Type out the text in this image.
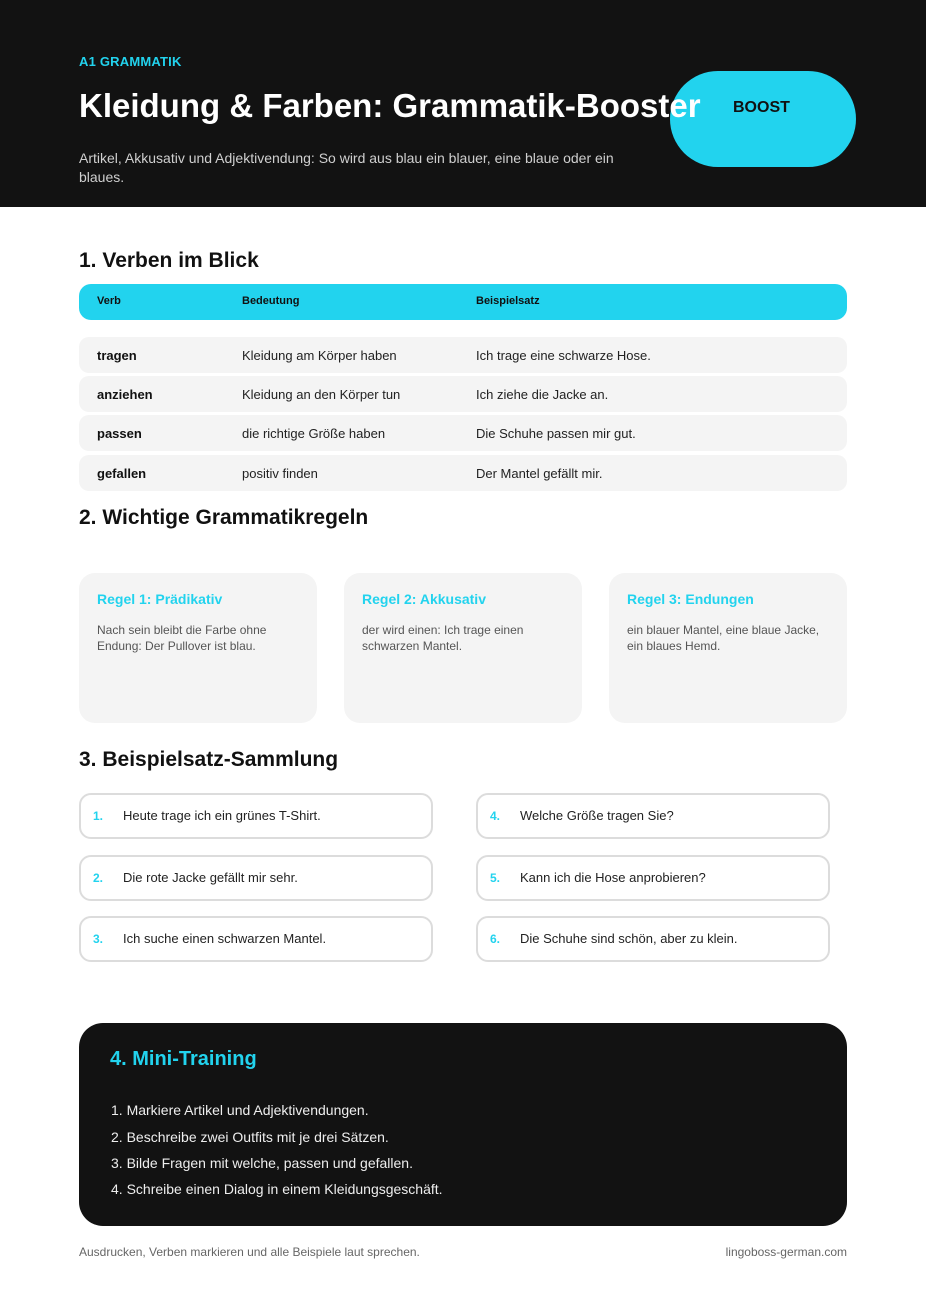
A1 GRAMMATIK
BOOST
Kleidung & Farben: Grammatik-Booster

Artikel, Akkusativ und Adjektivendung: So wird aus blau ein blauer, eine blaue oder ein blaues.

1. Verben im Blick
Verb	Bedeutung	Beispielsatz
tragen	Kleidung am Körper haben	Ich trage eine schwarze Hose.
anziehen	Kleidung an den Körper tun	Ich ziehe die Jacke an.
passen	die richtige Größe haben	Die Schuhe passen mir gut.
gefallen	positiv finden	Der Mantel gefällt mir.
2. Wichtige Grammatikregeln
Regel 1: Prädikativ
Nach sein bleibt die Farbe ohne Endung: Der Pullover ist blau.
Regel 2: Akkusativ
der wird einen: Ich trage einen schwarzen Mantel.
Regel 3: Endungen
ein blauer Mantel, eine blaue Jacke, ein blaues Hemd.
3. Beispielsatz-Sammlung
1. Heute trage ich ein grünes T-Shirt.
2. Die rote Jacke gefällt mir sehr.
3. Ich suche einen schwarzen Mantel.
4. Welche Größe tragen Sie?
5. Kann ich die Hose anprobieren?
6. Die Schuhe sind schön, aber zu klein.
4. Mini-Training
1. Markiere Artikel und Adjektivendungen.
2. Beschreibe zwei Outfits mit je drei Sätzen.
3. Bilde Fragen mit welche, passen und gefallen.
4. Schreibe einen Dialog in einem Kleidungsgeschäft.
Ausdrucken, Verben markieren und alle Beispiele laut sprechen.	lingoboss-german.com
